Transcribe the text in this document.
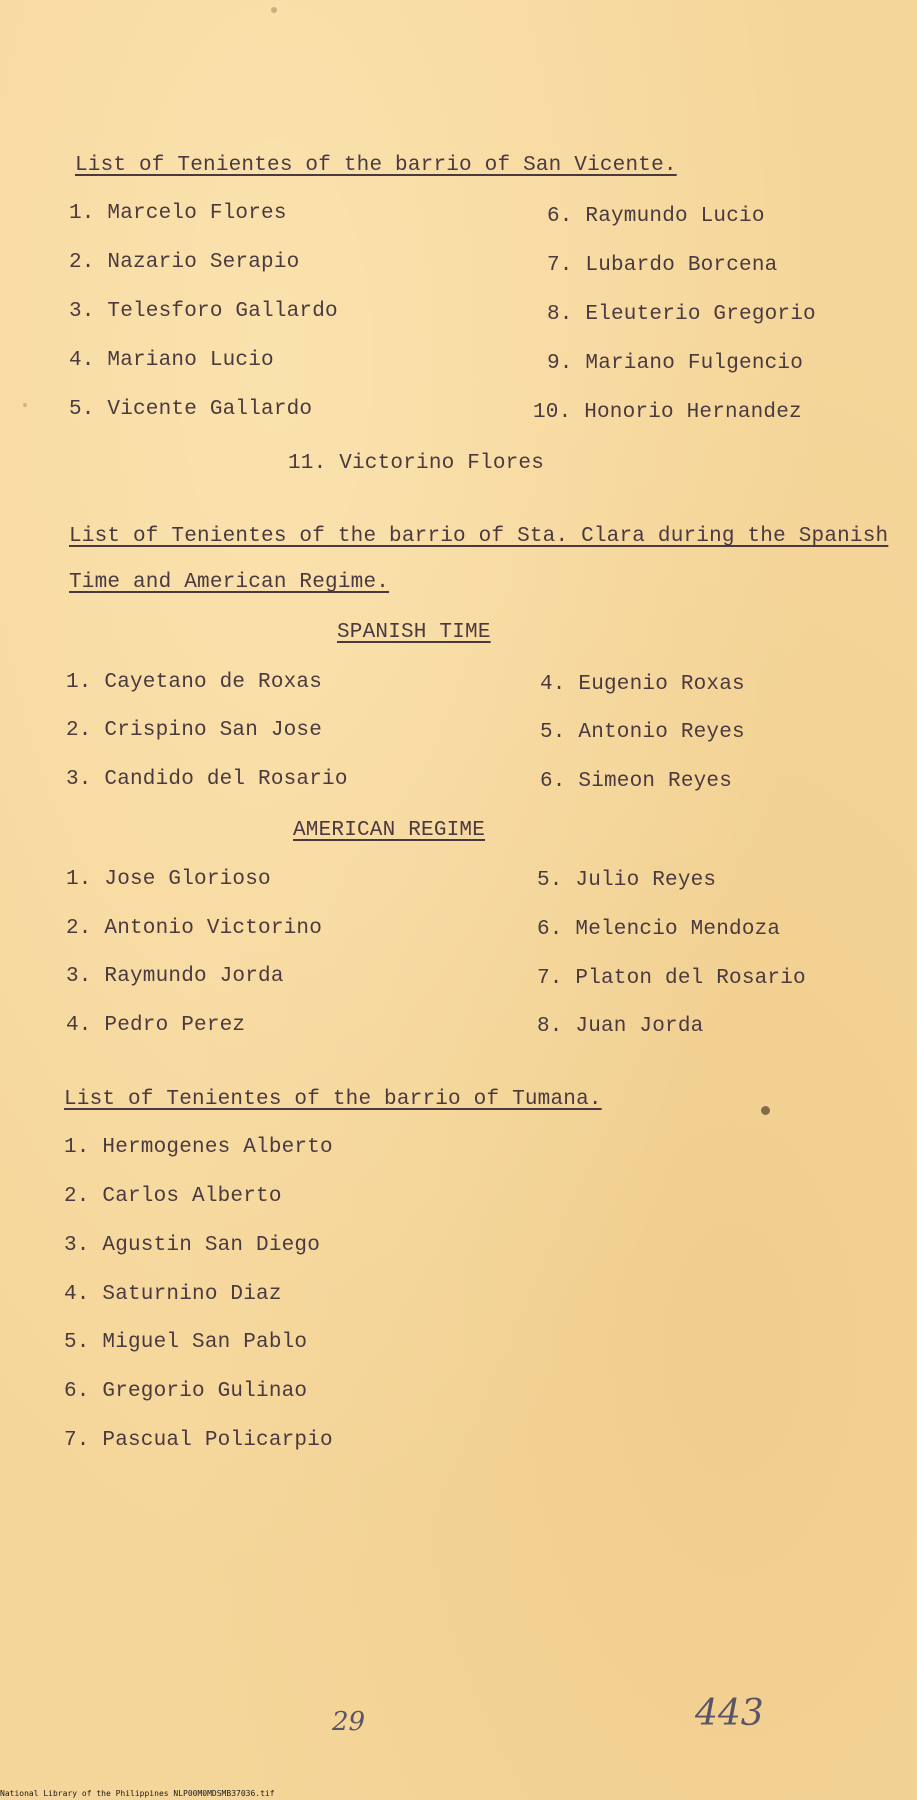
List of Tenientes of the barrio of San Vicente.
1. Marcelo Flores
2. Nazario Serapio
3. Telesforo Gallardo
4. Mariano Lucio
5. Vicente Gallardo
6. Raymundo Lucio
7. Lubardo Borcena
8. Eleuterio Gregorio
9. Mariano Fulgencio
10. Honorio Hernandez
11. Victorino Flores
List of Tenientes of the barrio of Sta. Clara during the Spanish
Time and American Regime.
SPANISH TIME
1. Cayetano de Roxas
2. Crispino San Jose
3. Candido del Rosario
4. Eugenio Roxas
5. Antonio Reyes
6. Simeon Reyes
AMERICAN REGIME
1. Jose Glorioso
2. Antonio Victorino
3. Raymundo Jorda
4. Pedro Perez
5. Julio Reyes
6. Melencio Mendoza
7. Platon del Rosario
8. Juan Jorda
List of Tenientes of the barrio of Tumana.
1. Hermogenes Alberto
2. Carlos Alberto
3. Agustin San Diego
4. Saturnino Diaz
5. Miguel San Pablo
6. Gregorio Gulinao
7. Pascual Policarpio
29	443
National Library of the Philippines NLP00M0MDSMB37036.tif
